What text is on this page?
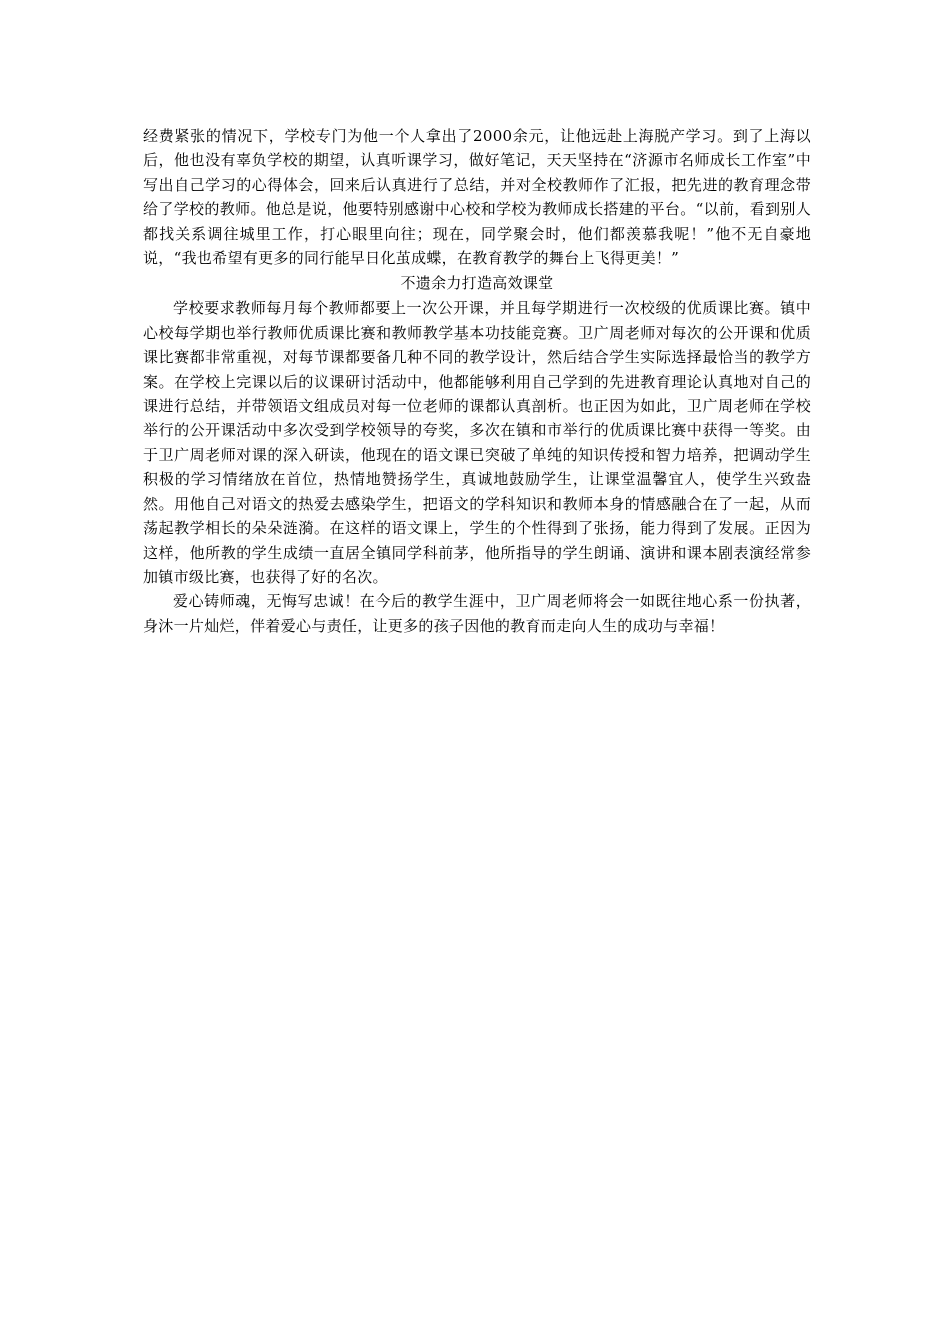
经费紧张的情况下，学校专门为他一个人拿出了2000余元，让他远赴上海脱产学习。到了上海以后，他也没有辜负学校的期望，认真听课学习，做好笔记，天天坚持在“济源市名师成长工作室”中写出自己学习的心得体会，回来后认真进行了总结，并对全校教师作了汇报，把先进的教育理念带给了学校的教师。他总是说，他要特别感谢中心校和学校为教师成长搭建的平台。“以前，看到别人都找关系调往城里工作，打心眼里向往；现在，同学聚会时，他们都羡慕我呢！”他不无自豪地说，“我也希望有更多的同行能早日化茧成蝶，在教育教学的舞台上飞得更美！”

不遗余力打造高效课堂

学校要求教师每月每个教师都要上一次公开课，并且每学期进行一次校级的优质课比赛。镇中心校每学期也举行教师优质课比赛和教师教学基本功技能竞赛。卫广周老师对每次的公开课和优质课比赛都非常重视，对每节课都要备几种不同的教学设计，然后结合学生实际选择最恰当的教学方案。在学校上完课以后的议课研讨活动中，他都能够利用自己学到的先进教育理论认真地对自己的课进行总结，并带领语文组成员对每一位老师的课都认真剖析。也正因为如此，卫广周老师在学校举行的公开课活动中多次受到学校领导的夸奖，多次在镇和市举行的优质课比赛中获得一等奖。由于卫广周老师对课的深入研读，他现在的语文课已突破了单纯的知识传授和智力培养，把调动学生积极的学习情绪放在首位，热情地赞扬学生，真诚地鼓励学生，让课堂温馨宜人，使学生兴致盎然。用他自己对语文的热爱去感染学生，把语文的学科知识和教师本身的情感融合在了一起，从而荡起教学相长的朵朵涟漪。在这样的语文课上，学生的个性得到了张扬，能力得到了发展。正因为这样，他所教的学生成绩一直居全镇同学科前茅，他所指导的学生朗诵、演讲和课本剧表演经常参加镇市级比赛，也获得了好的名次。

爱心铸师魂，无悔写忠诚！在今后的教学生涯中，卫广周老师将会一如既往地心系一份执著，身沐一片灿烂，伴着爱心与责任，让更多的孩子因他的教育而走向人生的成功与幸福！
